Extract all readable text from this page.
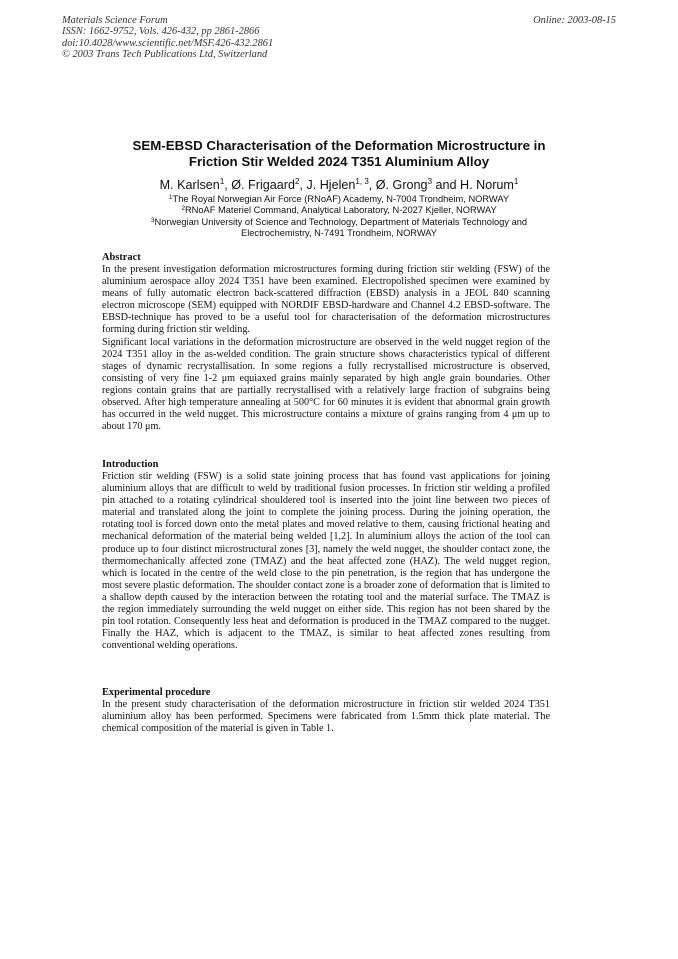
Materials Science Forum
ISSN: 1662-9752, Vols. 426-432, pp 2861-2866
doi:10.4028/www.scientific.net/MSF.426-432.2861
© 2003 Trans Tech Publications Ltd, Switzerland
Online: 2003-08-15
SEM-EBSD Characterisation of the Deformation Microstructure in
Friction Stir Welded 2024 T351 Aluminium Alloy
M. Karlsen$^1$, Ø. Frigaard$^2$, J. Hjelen$^{1, 3}$, Ø. Grong$^3$ and H. Norum$^1$
$^1$The Royal Norwegian Air Force (RNoAF) Academy, N-7004 Trondheim, NORWAY
$^2$RNoAF Materiel Command, Analytical Laboratory, N-2027 Kjeller, NORWAY
$^3$Norwegian University of Science and Technology, Department of Materials Technology and
Electrochemistry, N-7491 Trondheim, NORWAY
Abstract

In the present investigation deformation microstructures forming during friction stir welding (FSW) of the aluminium aerospace alloy 2024 T351 have been examined. Electropolished specimen were examined by means of fully automatic electron back-scattered diffraction (EBSD) analysis in a JEOL 840 scanning electron microscope (SEM) equipped with NORDIF EBSD-hardware and Channel 4.2 EBSD-software. The EBSD-technique has proved to be a useful tool for characterisation of the deformation microstructures forming during friction stir welding.

Significant local variations in the deformation microstructure are observed in the weld nugget region of the 2024 T351 alloy in the as-welded condition. The grain structure shows characteristics typical of different stages of dynamic recrystallisation. In some regions a fully recrystallised microstructure is observed, consisting of very fine 1-2 μm equiaxed grains mainly separated by high angle grain boundaries. Other regions contain grains that are partially recrystallised with a relatively large fraction of subgrains being observed. After high temperature annealing at 500°C for 60 minutes it is evident that abnormal grain growth has occurred in the weld nugget. This microstructure contains a mixture of grains ranging from 4 μm up to about 170 μm.

Introduction

Friction stir welding (FSW) is a solid state joining process that has found vast applications for joining aluminium alloys that are difficult to weld by traditional fusion processes. In friction stir welding a profiled pin attached to a rotating cylindrical shouldered tool is inserted into the joint line between two pieces of material and translated along the joint to complete the joining process. During the joining operation, the rotating tool is forced down onto the metal plates and moved relative to them, causing frictional heating and mechanical deformation of the material being welded [1,2]. In aluminium alloys the action of the tool can produce up to four distinct microstructural zones [3], namely the weld nugget, the shoulder contact zone, the thermomechanically affected zone (TMAZ) and the heat affected zone (HAZ). The weld nugget region, which is located in the centre of the weld close to the pin penetration, is the region that has undergone the most severe plastic deformation. The shoulder contact zone is a broader zone of deformation that is limited to a shallow depth caused by the interaction between the rotating tool and the material surface. The TMAZ is the region immediately surrounding the weld nugget on either side. This region has not been shared by the pin tool rotation. Consequently less heat and deformation is produced in the TMAZ compared to the nugget. Finally the HAZ, which is adjacent to the TMAZ, is similar to heat affected zones resulting from conventional welding operations.

Experimental procedure

In the present study characterisation of the deformation microstructure in friction stir welded 2024 T351 aluminium alloy has been performed. Specimens were fabricated from 1.5mm thick plate material. The chemical composition of the material is given in Table 1.
